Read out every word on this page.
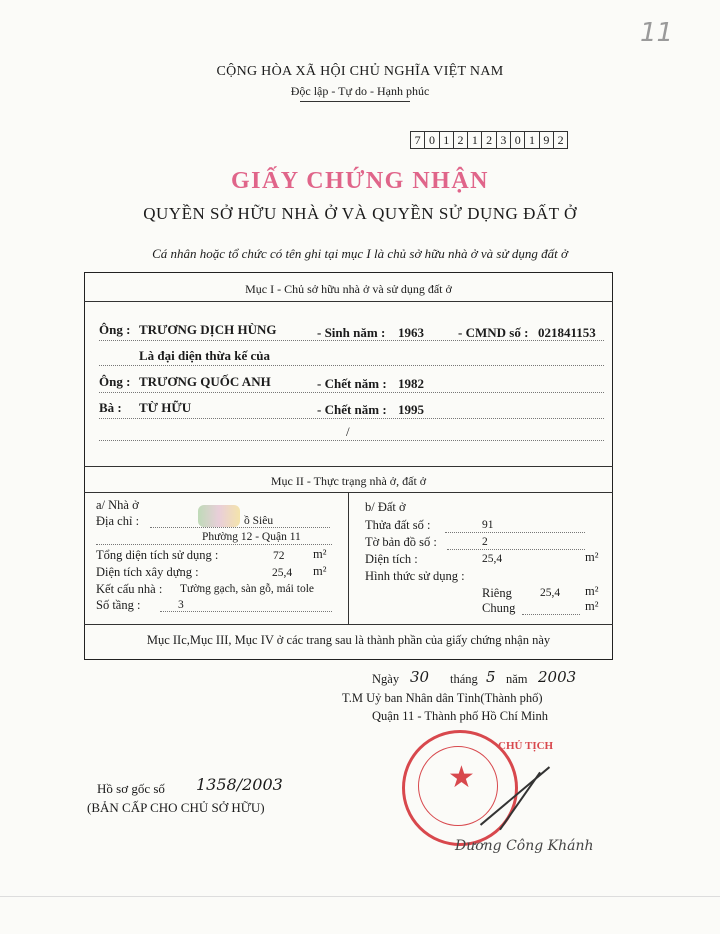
11
CỘNG HÒA XÃ HỘI CHỦ NGHĨA VIỆT NAM
Độc lập - Tự do - Hạnh phúc
7 0 1 2 1 2 3 0 1 9 2
GIẤY CHỨNG NHẬN
QUYỀN SỞ HỮU NHÀ Ở VÀ QUYỀN SỬ DỤNG ĐẤT Ở
Cá nhân hoặc tổ chức có tên ghi tại mục I là chủ sở hữu nhà ở và sử dụng đất ở
Mục I - Chủ sở hữu nhà ở và sử dụng đất ở
Ông : TRƯƠNG DỊCH HÙNG	- Sinh năm : 1963	- CMND số : 021841153
Là đại diện thừa kế của
Ông : TRƯƠNG QUỐC ANH	- Chết năm : 1982
Bà : TỪ HỮU	- Chết năm : 1995
/
Mục II - Thực trạng nhà ở, đất ở
a/ Nhà ở
Địa chỉ :	ồ Siêu
Phường 12 - Quận 11
Tổng diện tích sử dụng :	72 m²
Diện tích xây dựng :	25,4 m²
Kết cấu nhà : Tường gạch, sàn gỗ, mái tole
Số tầng :	3
b/ Đất ở
Thửa đất số :	91
Tờ bản đồ số :	2
Diện tích :	25,4	m²
Hình thức sử dụng :
Riêng 25,4 m²
Chung	m²
Mục IIc,Mục III, Mục IV ở các trang sau là thành phần của giấy chứng nhận này
Ngày 30 tháng 5 năm 2003
T.M Uỷ ban Nhân dân Tỉnh(Thành phố)
Quận 11 - Thành phố Hồ Chí Minh
★
CHỦ TỊCH
Dương Công Khánh
Hồ sơ gốc số 1358/2003
(BẢN CẤP CHO CHỦ SỞ HỮU)
